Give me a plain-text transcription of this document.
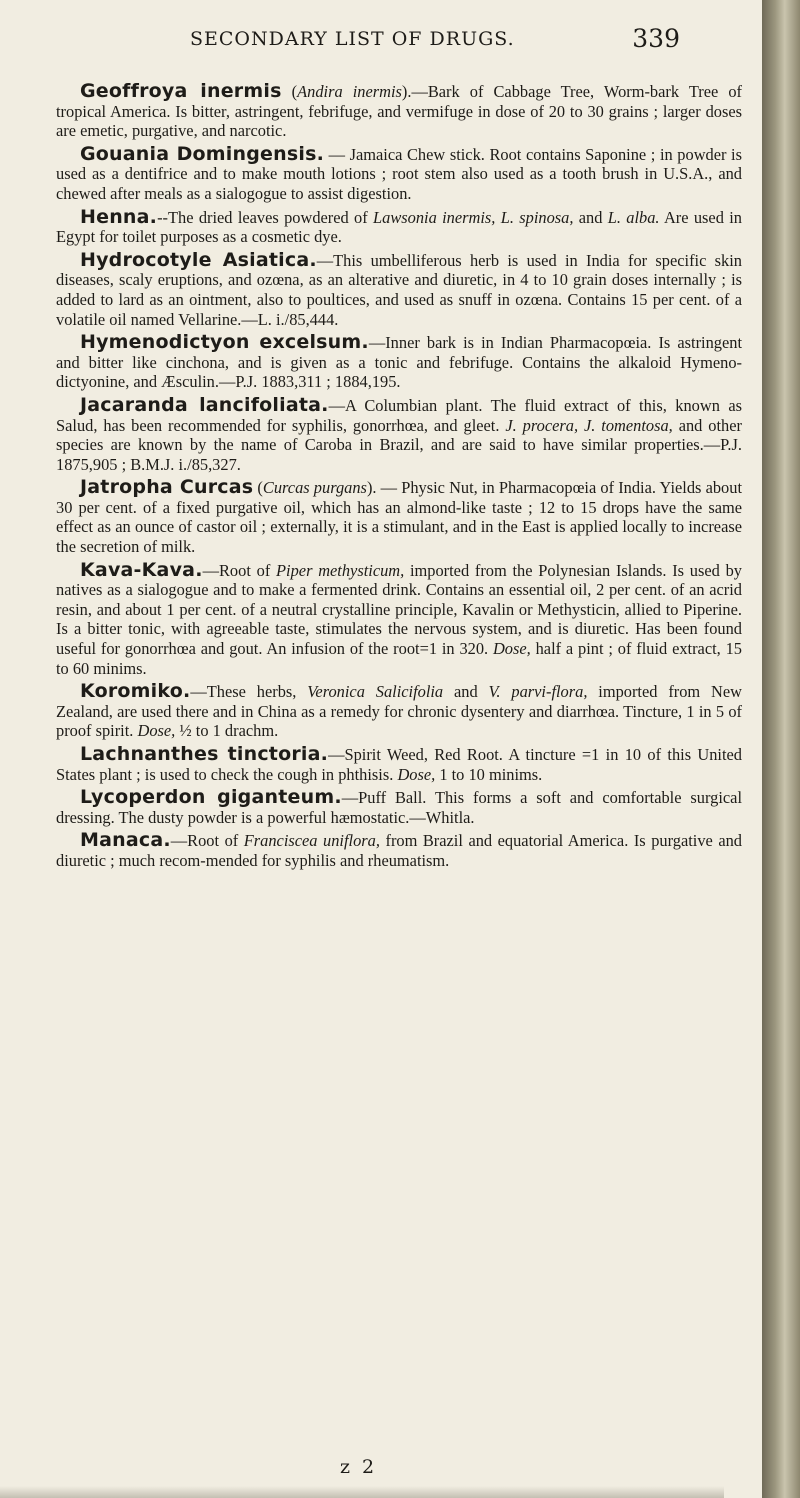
SECONDARY LIST OF DRUGS.	339

Geoffroya inermis (Andira inermis).—Bark of Cabbage Tree, Worm-bark Tree of tropical America. Is bitter, astringent, febrifuge, and vermifuge in dose of 20 to 30 grains ; larger doses are emetic, purgative, and narcotic.

Gouania Domingensis. — Jamaica Chew stick. Root contains Saponine ; in powder is used as a dentifrice and to make mouth lotions ; root stem also used as a tooth brush in U.S.A., and chewed after meals as a sialogogue to assist digestion.

Henna.--The dried leaves powdered of Lawsonia inermis, L. spinosa, and L. alba. Are used in Egypt for toilet purposes as a cosmetic dye.

Hydrocotyle Asiatica.—This umbelliferous herb is used in India for specific skin diseases, scaly eruptions, and ozœna, as an alterative and diuretic, in 4 to 10 grain doses internally ; is added to lard as an ointment, also to poultices, and used as snuff in ozœna. Contains 15 per cent. of a volatile oil named Vellarine.—L. i./85,444.

Hymenodictyon excelsum.—Inner bark is in Indian Pharmacopœia. Is astringent and bitter like cinchona, and is given as a tonic and febrifuge. Contains the alkaloid Hymeno-dictyonine, and Æsculin.—P.J. 1883,311 ; 1884,195.

Jacaranda lancifoliata.—A Columbian plant. The fluid extract of this, known as Salud, has been recommended for syphilis, gonorrhœa, and gleet. J. procera, J. tomentosa, and other species are known by the name of Caroba in Brazil, and are said to have similar properties.—P.J. 1875,905 ; B.M.J. i./85,327.

Jatropha Curcas (Curcas purgans). — Physic Nut, in Pharmacopœia of India. Yields about 30 per cent. of a fixed purgative oil, which has an almond-like taste ; 12 to 15 drops have the same effect as an ounce of castor oil ; externally, it is a stimulant, and in the East is applied locally to increase the secretion of milk.

Kava-Kava.—Root of Piper methysticum, imported from the Polynesian Islands. Is used by natives as a sialogogue and to make a fermented drink. Contains an essential oil, 2 per cent. of an acrid resin, and about 1 per cent. of a neutral crystalline principle, Kavalin or Methysticin, allied to Piperine. Is a bitter tonic, with agreeable taste, stimulates the nervous system, and is diuretic. Has been found useful for gonorrhœa and gout. An infusion of the root=1 in 320. Dose, half a pint ; of fluid extract, 15 to 60 minims.

Koromiko.—These herbs, Veronica Salicifolia and V. parvi-flora, imported from New Zealand, are used there and in China as a remedy for chronic dysentery and diarrhœa. Tincture, 1 in 5 of proof spirit. Dose, ½ to 1 drachm.

Lachnanthes tinctoria.—Spirit Weed, Red Root. A tincture =1 in 10 of this United States plant ; is used to check the cough in phthisis. Dose, 1 to 10 minims.

Lycoperdon giganteum.—Puff Ball. This forms a soft and comfortable surgical dressing. The dusty powder is a powerful hæmostatic.—Whitla.

Manaca.—Root of Franciscea uniflora, from Brazil and equatorial America. Is purgative and diuretic ; much recom-mended for syphilis and rheumatism.

z 2
